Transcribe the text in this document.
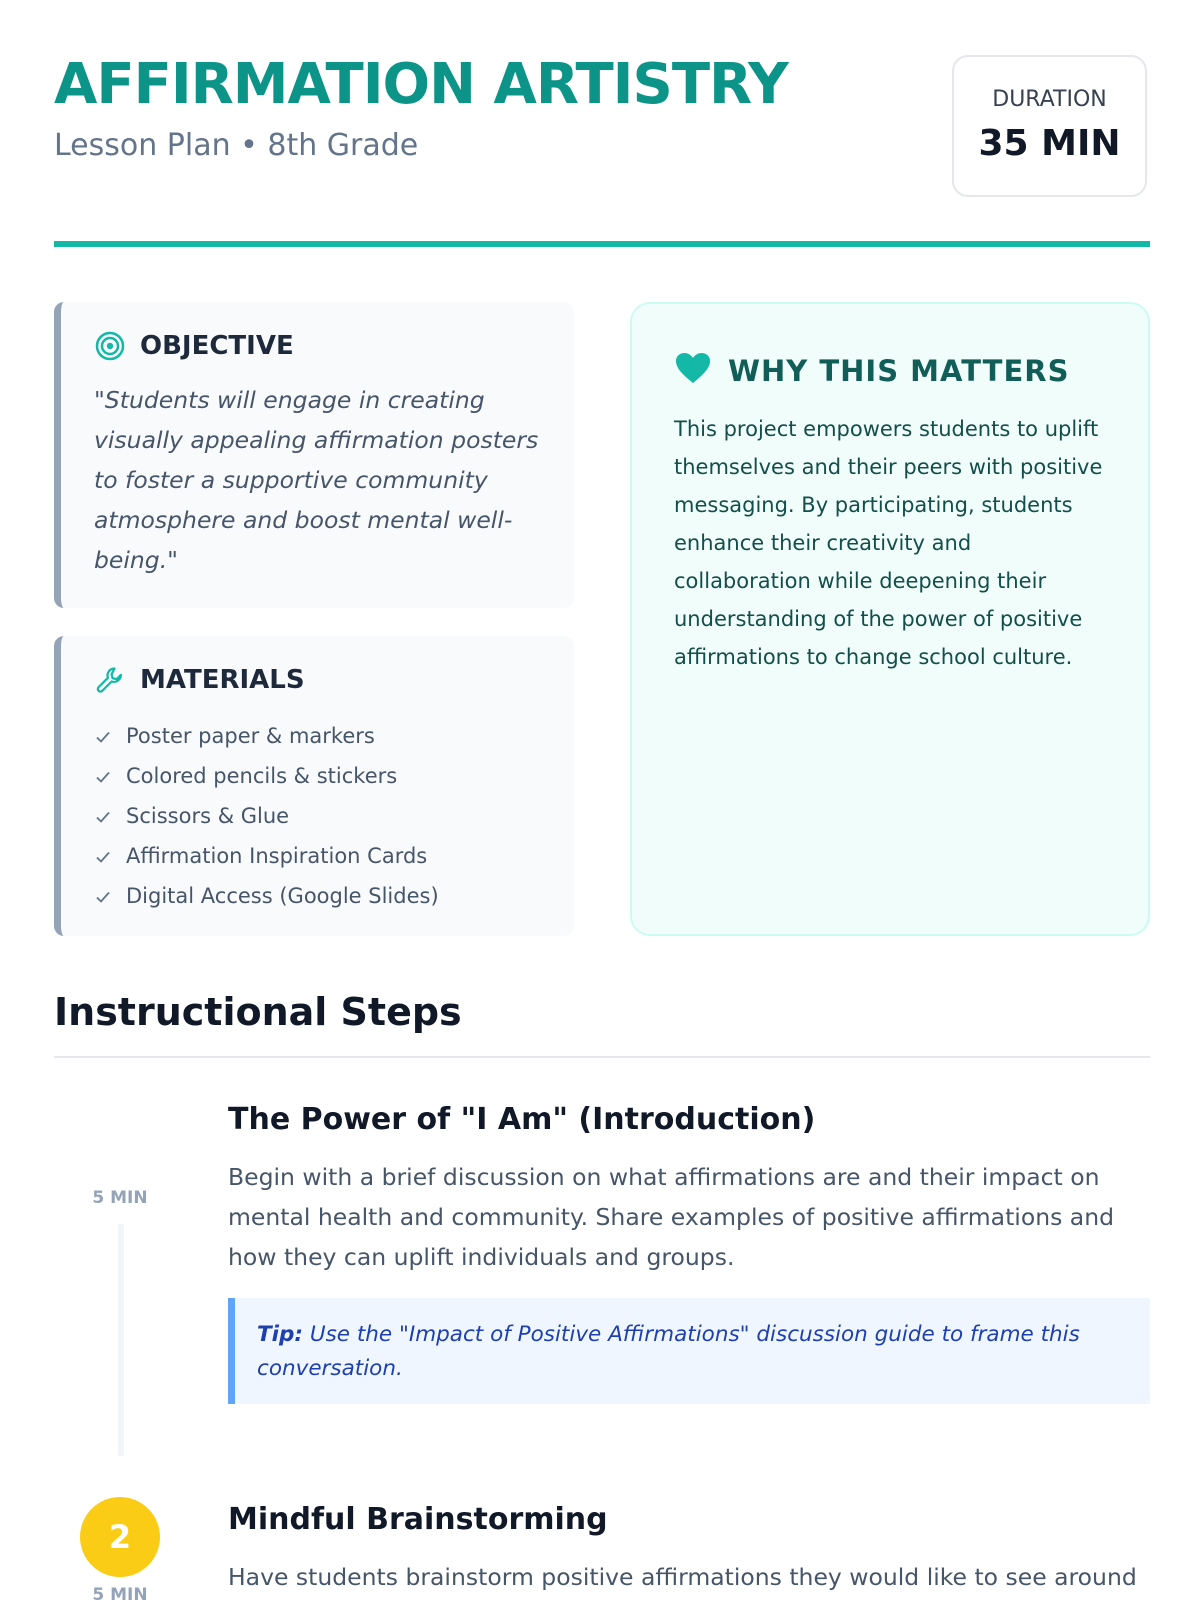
AFFIRMATION ARTISTRY
Lesson Plan • 8th Grade
DURATION
35 MIN
OBJECTIVE

"Students will engage in creating visually appealing affirmation posters to foster a supportive community atmosphere and boost mental well-being."

MATERIALS
Poster paper & markers
Colored pencils & stickers
Scissors & Glue
Affirmation Inspiration Cards
Digital Access (Google Slides)
WHY THIS MATTERS

This project empowers students to uplift themselves and their peers with positive messaging. By participating, students enhance their creativity and collaboration while deepening their understanding of the power of positive affirmations to change school culture.

Instructional Steps
5 MIN
The Power of "I Am" (Introduction)

Begin with a brief discussion on what affirmations are and their impact on mental health and community. Share examples of positive affirmations and how they can uplift individuals and groups.

Tip: Use the "Impact of Positive Affirmations" discussion guide to frame this conversation.
2
5 MIN
Mindful Brainstorming

Have students brainstorm positive affirmations they would like to see around
